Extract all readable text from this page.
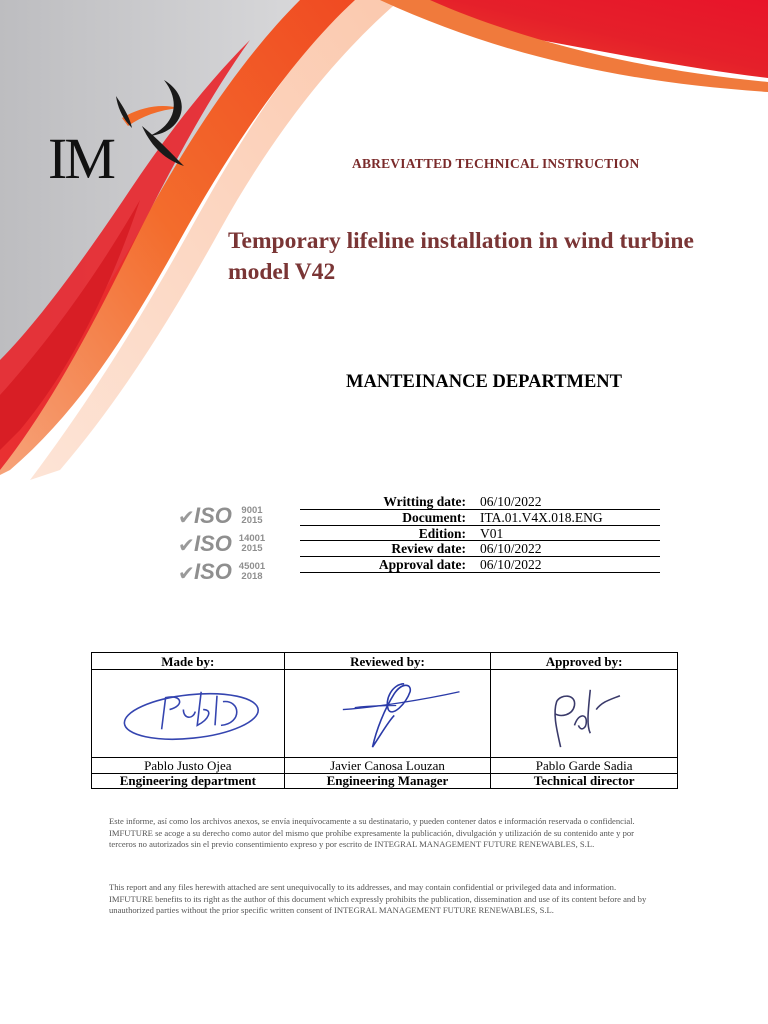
IM	ABREVIATTED TECHNICAL INSTRUCTION
Temporary lifeline installation in wind turbine model V42
MANTEINANCE DEPARTMENT
✔ ISO	9001
2015
✔ ISO 14001
2015
✔ ISO 45001
2018
Writting date:	06/10/2022
Document:	ITA.01.V4X.018.ENG
Edition:	V01
Review date:	06/10/2022
Approval date:	06/10/2022
Made by:	Reviewed by:	Approved by:

Pablo Justo Ojea	Javier Canosa Louzan	Pablo Garde Sadia
Engineering department	Engineering Manager	Technical director
Este informe, así como los archivos anexos, se envía inequívocamente a su destinatario, y pueden contener datos e información reservada o confidencial. IMFUTURE se acoge a su derecho como autor del mismo que prohíbe expresamente la publicación, divulgación y utilización de su contenido ante y por terceros no autorizados sin el previo consentimiento expreso y por escrito de INTEGRAL MANAGEMENT FUTURE RENEWABLES, S.L.
This report and any files herewith attached are sent unequivocally to its addresses, and may contain confidential or privileged data and information. IMFUTURE benefits to its right as the author of this document which expressly prohibits the publication, dissemination and use of its content before and by unauthorized parties without the prior specific written consent of INTEGRAL MANAGEMENT FUTURE RENEWABLES, S.L.
